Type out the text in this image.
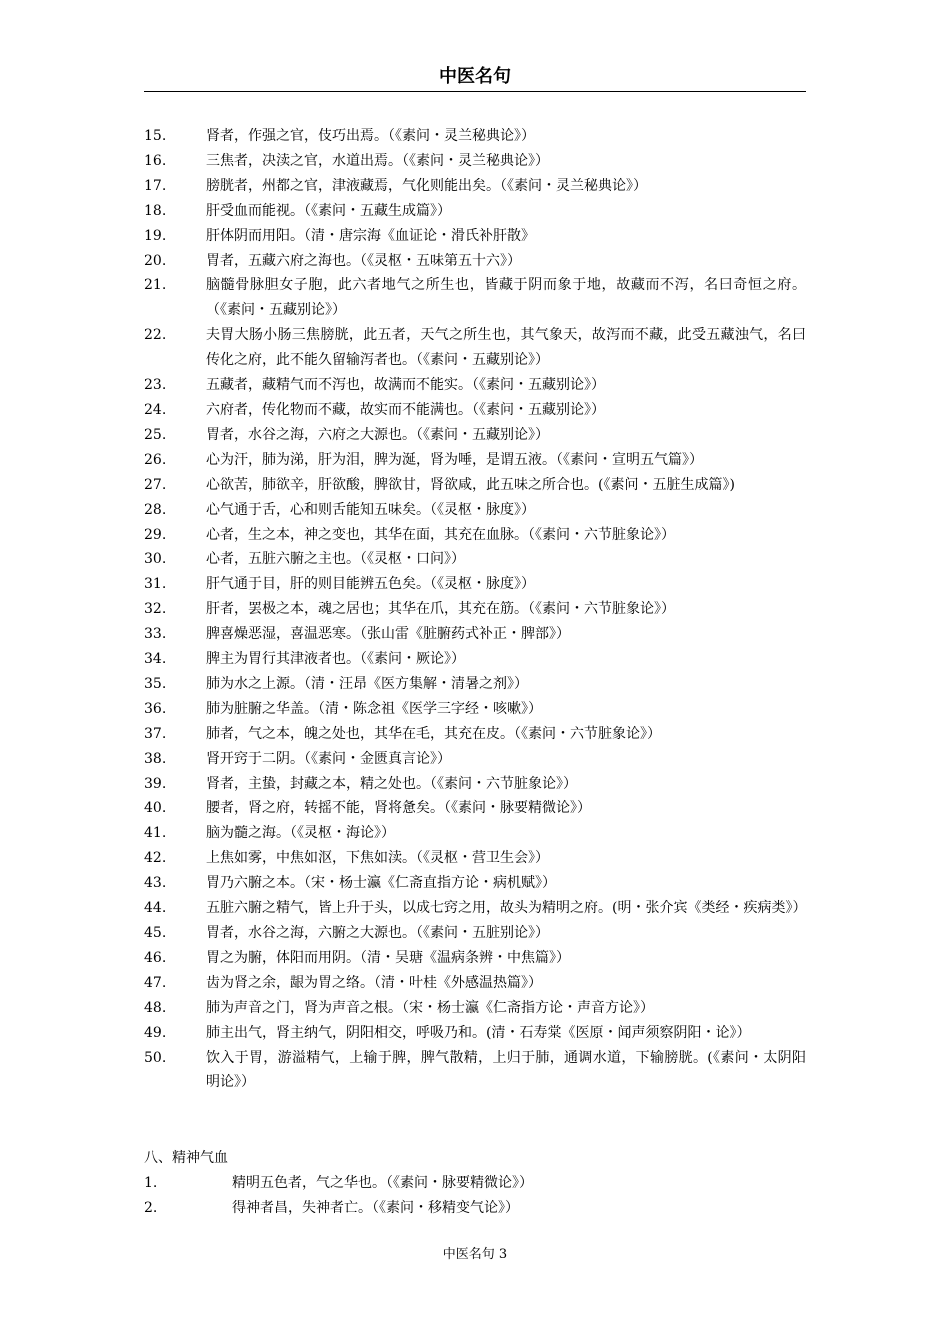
中医名句
15.	肾者，作强之官，伎巧出焉。（《素问・灵兰秘典论》）
16.	三焦者，决渎之官，水道出焉。（《素问・灵兰秘典论》）
17.	膀胱者，州都之官，津液藏焉，气化则能出矣。（《素问・灵兰秘典论》）
18.	肝受血而能视。（《素问・五藏生成篇》）
19.	肝体阴而用阳。（清・唐宗海《血证论・滑氏补肝散》
20.	胃者，五藏六府之海也。（《灵枢・五味第五十六》）
21.	脑髓骨脉胆女子胞，此六者地气之所生也，皆藏于阴而象于地，故藏而不泻，名曰奇恒之府。（《素问・五藏别论》）
22.	夫胃大肠小肠三焦膀胱，此五者，天气之所生也，其气象天，故泻而不藏，此受五藏浊气，名曰传化之府，此不能久留输泻者也。（《素问・五藏别论》）
23.	五藏者，藏精气而不泻也，故满而不能实。（《素问・五藏别论》）
24.	六府者，传化物而不藏，故实而不能满也。（《素问・五藏别论》）
25.	胃者，水谷之海，六府之大源也。（《素问・五藏别论》）
26.	心为汗，肺为涕，肝为泪，脾为涎，肾为唾，是谓五液。（《素问・宣明五气篇》）
27.	心欲苦，肺欲辛，肝欲酸，脾欲甘，肾欲咸，此五味之所合也。(《素问・五脏生成篇》)
28.	心气通于舌，心和则舌能知五味矣。（《灵枢・脉度》）
29.	心者，生之本，神之变也，其华在面，其充在血脉。（《素问・六节脏象论》）
30.	心者，五脏六腑之主也。（《灵枢・口问》）
31.	肝气通于目，肝的则目能辨五色矣。（《灵枢・脉度》）
32.	肝者，罢极之本，魂之居也；其华在爪，其充在筋。（《素问・六节脏象论》）
33.	脾喜燥恶湿，喜温恶寒。（张山雷《脏腑药式补正・脾部》）
34.	脾主为胃行其津液者也。（《素问・厥论》）
35.	肺为水之上源。（清・汪昂《医方集解・清暑之剂》）
36.	肺为脏腑之华盖。（清・陈念祖《医学三字经・咳嗽》）
37.	肺者，气之本，魄之处也，其华在毛，其充在皮。（《素问・六节脏象论》）
38.	肾开窍于二阴。（《素问・金匮真言论》）
39.	肾者，主蛰，封藏之本，精之处也。（《素问・六节脏象论》）
40.	腰者，肾之府，转摇不能，肾将惫矣。（《素问・脉要精微论》）
41.	脑为髓之海。（《灵枢・海论》）
42.	上焦如雾，中焦如沤，下焦如渎。（《灵枢・营卫生会》）
43.	胃乃六腑之本。（宋・杨士瀛《仁斋直指方论・病机赋》）
44.	五脏六腑之精气，皆上升于头，以成七窍之用，故头为精明之府。(明・张介宾《类经・疾病类》）
45.	胃者，水谷之海，六腑之大源也。（《素问・五脏别论》）
46.	胃之为腑，体阳而用阴。（清・吴瑭《温病条辨・中焦篇》）
47.	齿为肾之余，龈为胃之络。（清・叶桂《外感温热篇》）
48.	肺为声音之门，肾为声音之根。（宋・杨士瀛《仁斋指方论・声音方论》）
49.	肺主出气，肾主纳气，阴阳相交，呼吸乃和。(清・石寿棠《医原・闻声须察阴阳・论》）
50.	饮入于胃，游溢精气，上输于脾，脾气散精，上归于肺，通调水道，下输膀胱。(《素问・太阴阳明论》）
八、精神气血
1.	精明五色者，气之华也。（《素问・脉要精微论》）
2.	得神者昌，失神者亡。（《素问・移精变气论》）
中医名句 3
